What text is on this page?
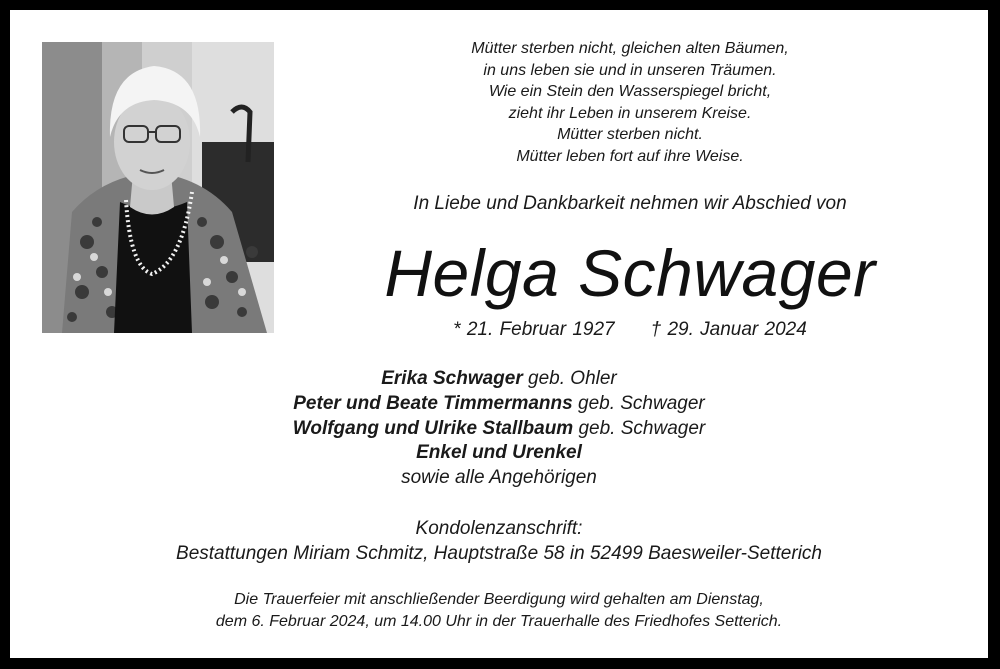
Mütter sterben nicht, gleichen alten Bäumen,
in uns leben sie und in unseren Träumen.
Wie ein Stein den Wasserspiegel bricht,
zieht ihr Leben in unserem Kreise.
Mütter sterben nicht.
Mütter leben fort auf ihre Weise.
In Liebe und Dankbarkeit nehmen wir Abschied von
Helga Schwager
* 21. Februar 1927 † 29. Januar 2024
Erika Schwager geb. Ohler
Peter und Beate Timmermanns geb. Schwager
Wolfgang und Ulrike Stallbaum geb. Schwager
Enkel und Urenkel
sowie alle Angehörigen
Kondolenzanschrift:
Bestattungen Miriam Schmitz, Hauptstraße 58 in 52499 Baesweiler-Setterich
Die Trauerfeier mit anschließender Beerdigung wird gehalten am Dienstag,
dem 6. Februar 2024, um 14.00 Uhr in der Trauerhalle des Friedhofes Setterich.
